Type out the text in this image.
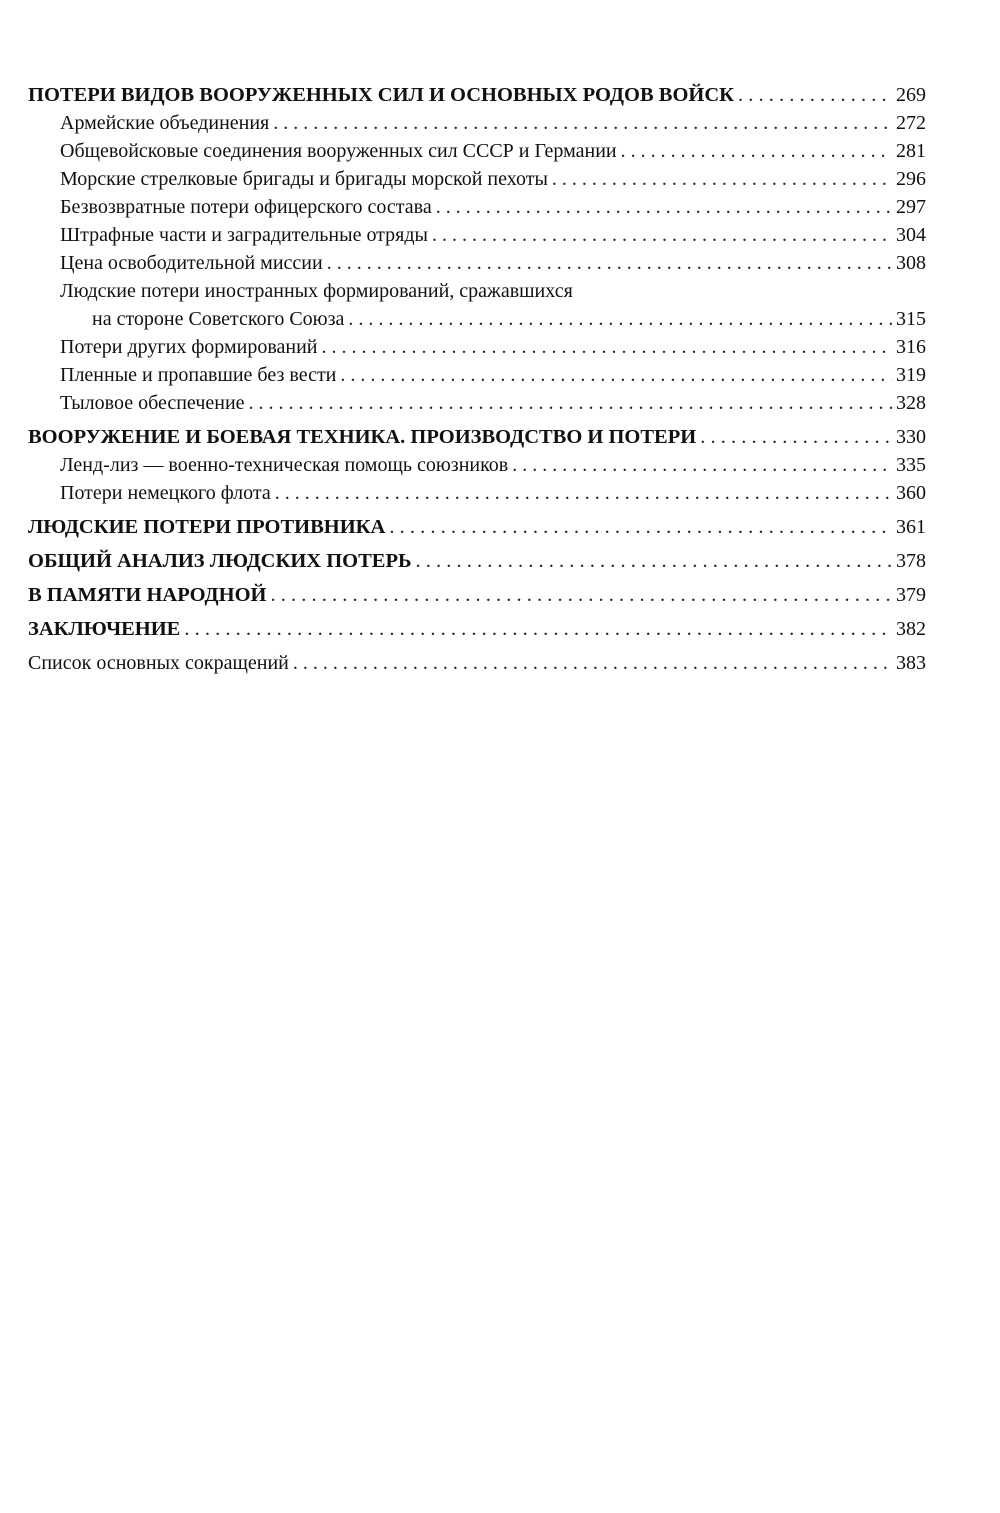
ПОТЕРИ ВИДОВ ВООРУЖЕННЫХ СИЛ И ОСНОВНЫХ РОДОВ ВОЙСК . . .	269
Армейские объединения . . .	272
Общевойсковые соединения вооруженных сил СССР и Германии . . .	281
Морские стрелковые бригады и бригады морской пехоты . . .	296
Безвозвратные потери офицерского состава . . .	297
Штрафные части и заградительные отряды . . .	304
Цена освободительной миссии . . .	308
Людские потери иностранных формирований, сражавшихся
на стороне Советского Союза . . .	315
Потери других формирований . . .	316
Пленные и пропавшие без вести . . .	319
Тыловое обеспечение . . .	328
ВООРУЖЕНИЕ И БОЕВАЯ ТЕХНИКА. ПРОИЗВОДСТВО И ПОТЕРИ . . .	330
Ленд-лиз — военно-техническая помощь союзников . . .	335
Потери немецкого флота . . .	360
ЛЮДСКИЕ ПОТЕРИ ПРОТИВНИКА . . .	361
ОБЩИЙ АНАЛИЗ ЛЮДСКИХ ПОТЕРЬ . . .	378
В ПАМЯТИ НАРОДНОЙ . . .	379
ЗАКЛЮЧЕНИЕ . . .	382
Список основных сокращений . . .	383
